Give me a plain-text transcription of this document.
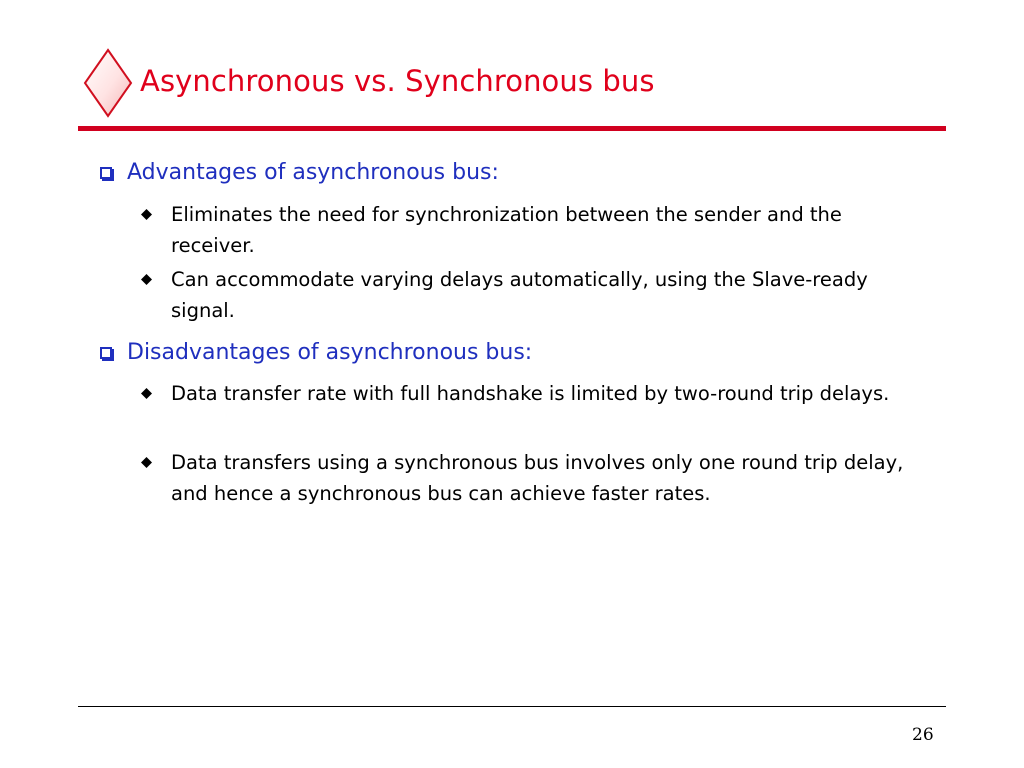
Asynchronous vs. Synchronous bus
Advantages of asynchronous bus:
Eliminates the need for synchronization between the sender and the receiver.
Can accommodate varying delays automatically, using the Slave-ready signal.
Disadvantages of asynchronous bus:
Data transfer rate with full handshake is limited by two-round trip delays.
Data transfers using a synchronous bus involves only one round trip delay, and hence a synchronous bus can achieve faster rates.
26
